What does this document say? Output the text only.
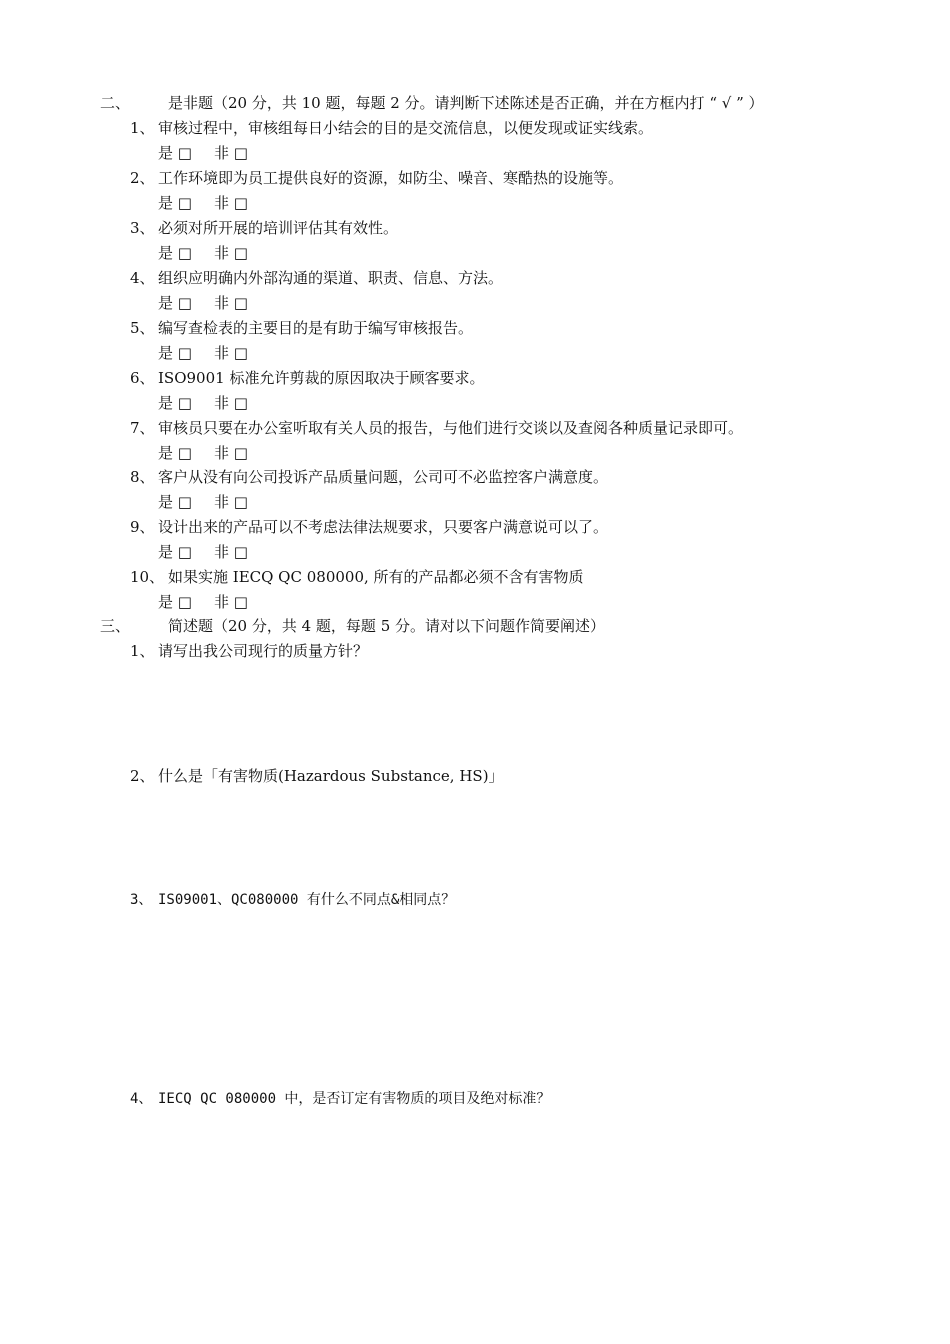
二、	是非题（20 分，共 10 题，每题 2 分。请判断下述陈述是否正确，并在方框内打 “ √ ” ）
1、 审核过程中，审核组每日小结会的目的是交流信息，以便发现或证实线索。
是 □ 非 □
2、 工作环境即为员工提供良好的资源，如防尘、噪音、寒酷热的设施等。
是 □ 非 □
3、 必须对所开展的培训评估其有效性。
是 □ 非 □
4、 组织应明确内外部沟通的渠道、职责、信息、方法。
是 □ 非 □
5、 编写查检表的主要目的是有助于编写审核报告。
是 □ 非 □
6、 ISO9001 标准允许剪裁的原因取决于顾客要求。
是 □ 非 □
7、 审核员只要在办公室听取有关人员的报告，与他们进行交谈以及查阅各种质量记录即可。
是 □ 非 □
8、 客户从没有向公司投诉产品质量问题，公司可不必监控客户满意度。
是 □ 非 □
9、 设计出来的产品可以不考虑法律法规要求，只要客户满意说可以了。
是 □ 非 □
10、 如果实施 IECQ QC 080000, 所有的产品都必须不含有害物质
是 □ 非 □
三、	简述题（20 分，共 4 题，每题 5 分。请对以下问题作简要阐述）
1、 请写出我公司现行的质量方针？
2、 什么是「有害物质(Hazardous Substance, HS)」
3、 IS09001、QC080000 有什么不同点&相同点？
4、 IECQ QC 080000 中，是否订定有害物质的项目及绝对标准？
